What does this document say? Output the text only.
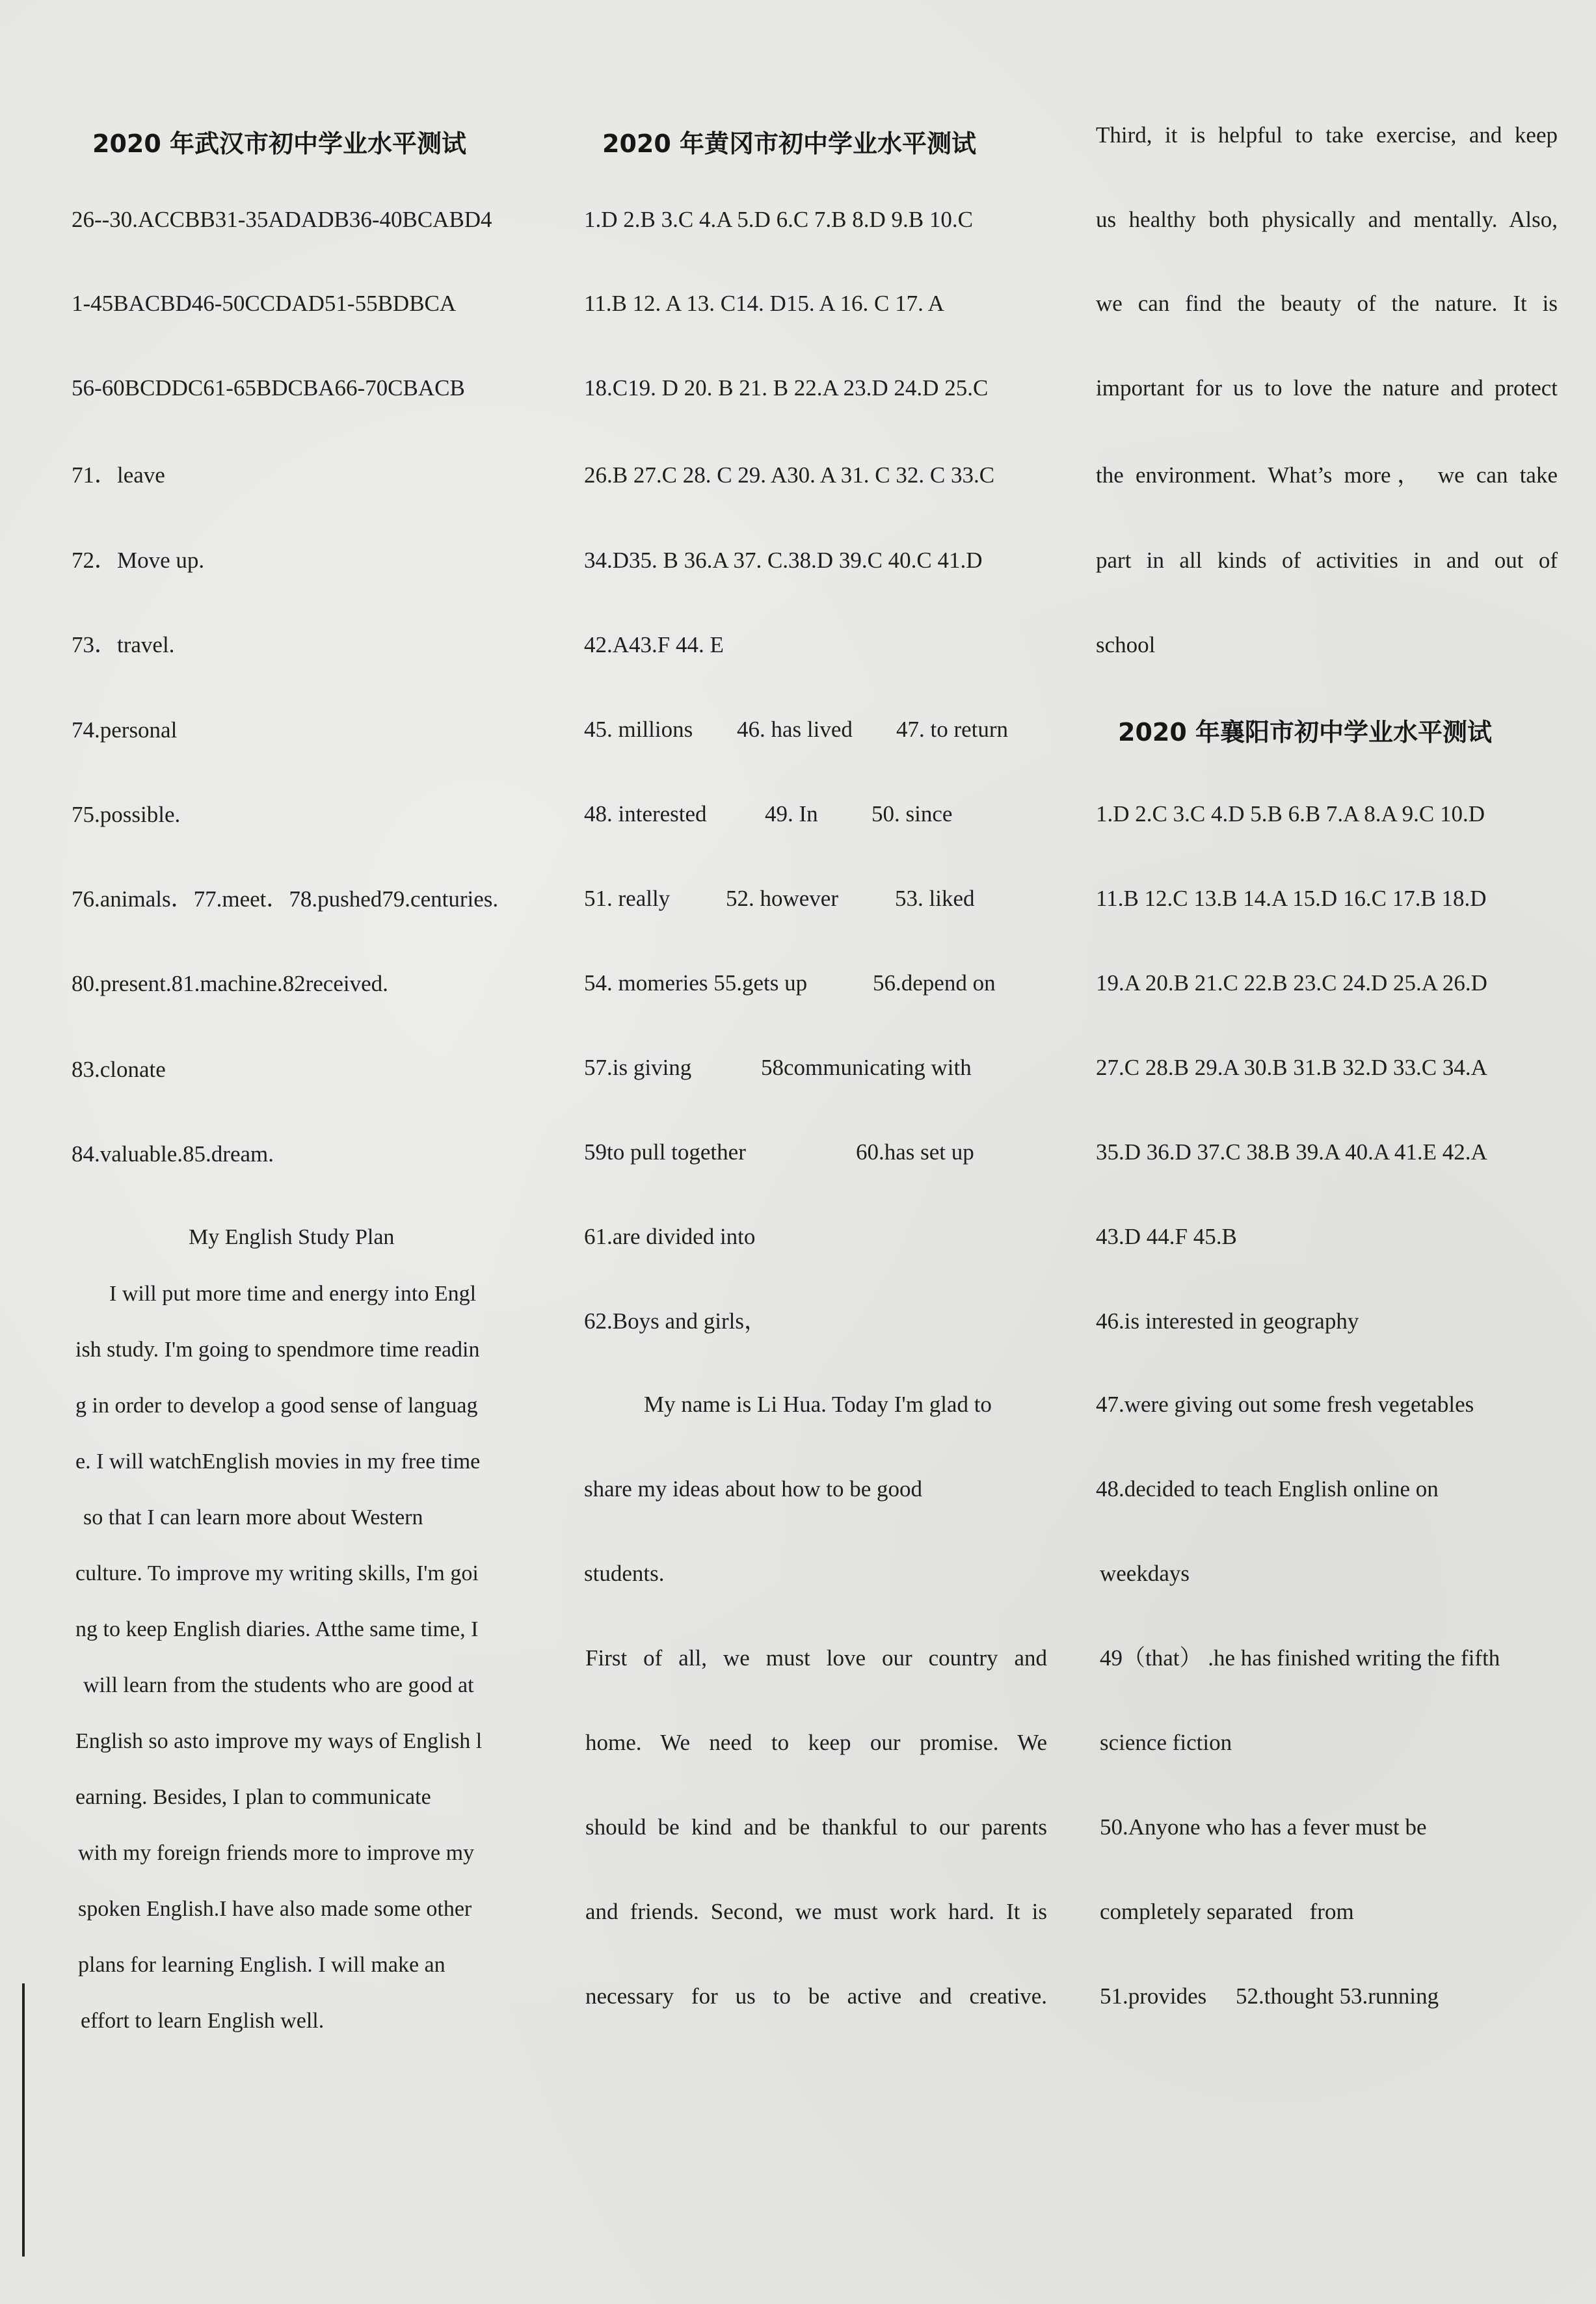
2020 年武汉市初中学业水平测试
26--30.ACCBB31-35ADADB36-40BCABD4
1-45BACBD46-50CCDAD51-55BDBCA
56-60BCDDC61-65BDCBA66-70CBACB
71．leave
72．Move up.
73．travel.
74.personal
75.possible.
76.animals．77.meet．78.pushed79.centuries.
80.present.81.machine.82received.
83.clonate
84.valuable.85.dream.
My English Study Plan
I will put more time and energy into Engl
ish study. I'm going to spendmore time readin
g in order to develop a good sense of languag
e. I will watchEnglish movies in my free time
so that I can learn more about Western
culture. To improve my writing skills, I'm goi
ng to keep English diaries. Atthe same time, I
will learn from the students who are good at
English so asto improve my ways of English l
earning. Besides, I plan to communicate
with my foreign friends more to improve my
spoken English.I have also made some other
plans for learning English. I will make an
effort to learn English well.
2020 年黄冈市初中学业水平测试
1.D 2.B 3.C 4.A 5.D 6.C 7.B 8.D 9.B 10.C
11.B 12. A 13. C14. D15. A 16. C 17. A
18.C19. D 20. B 21. B 22.A 23.D 24.D 25.C
26.B 27.C 28. C 29. A30. A 31. C 32. C 33.C
34.D35. B 36.A 37. C.38.D 39.C 40.C 41.D
42.A43.F 44. E
45. millions 46. has lived 47. to return
48. interested	49. In 50. since
51. really 52. however 53. liked
54. momeries 55.gets up	56.depend on
57.is giving	58communicating with
59to pull together	60.has set up
61.are divided into
62.Boys and girls，
My name is Li Hua. Today I'm glad to
share my ideas about how to be good
students.
First of all, we must love our country and
home. We need to keep our promise. We
should be kind and be thankful to our parents
and friends. Second, we must work hard. It is
necessary for us to be active and creative.
Third, it is helpful to take exercise, and keep
us healthy both physically and mentally. Also,
we can find the beauty of the nature. It is
important for us to love the nature and protect
the environment. What’s more， we can take
part in all kinds of activities in and out of
school
2020 年襄阳市初中学业水平测试
1.D 2.C 3.C 4.D 5.B 6.B 7.A 8.A 9.C 10.D
11.B 12.C 13.B 14.A 15.D 16.C 17.B 18.D
19.A 20.B 21.C 22.B 23.C 24.D 25.A 26.D
27.C 28.B 29.A 30.B 31.B 32.D 33.C 34.A
35.D 36.D 37.C 38.B 39.A 40.A 41.E 42.A
43.D 44.F 45.B
46.is interested in geography
47.were giving out some fresh vegetables
48.decided to teach English online on
weekdays
49（that） .he has finished writing the fifth
science fiction
50.Anyone who has a fever must be
completely separated   from
51.provides 52.thought 53.running
